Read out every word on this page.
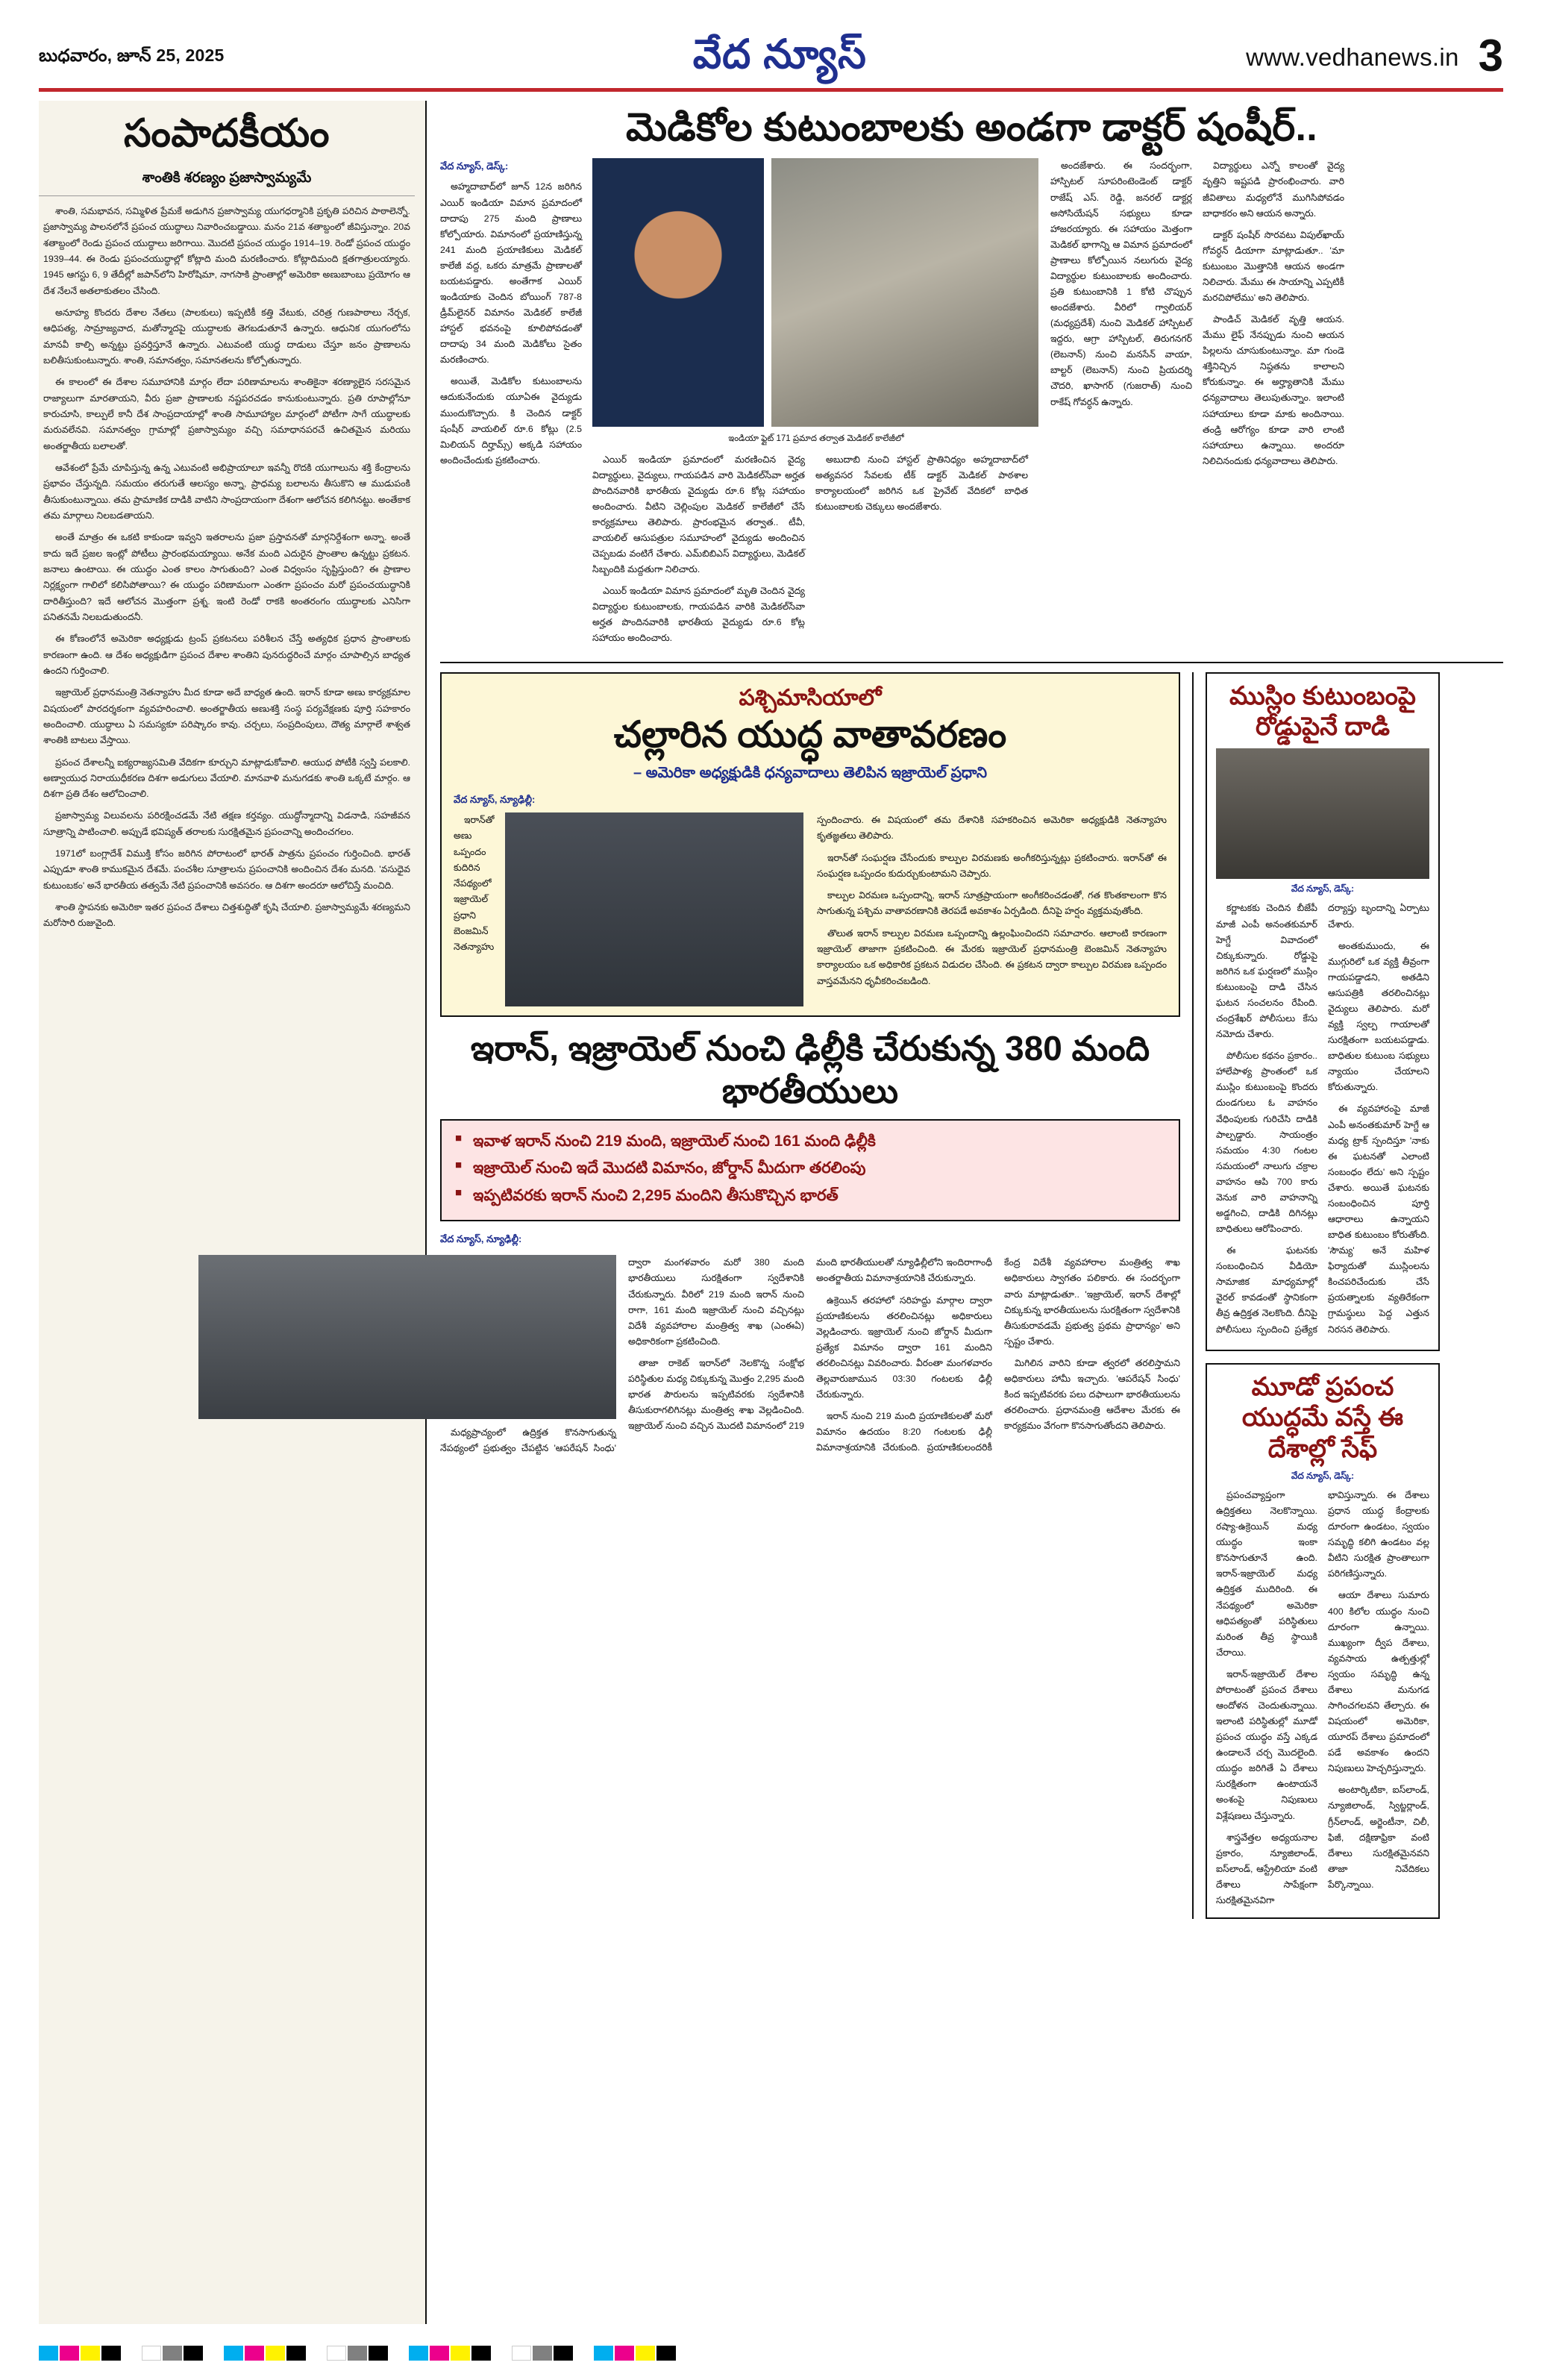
బుధవారం, జూన్ 25, 2025	వేద న్యూస్	www.vedhanews.in 3
సంపాదకీయం
శాంతికి శరణ్యం ప్రజాస్వామ్యమే

శాంతి, సమభావన, సమ్మిళిత ప్రేమకే అడుగిన ప్రజాస్వామ్య యుగధర్మానికి ప్రకృతి పరిచిన పాఠాలెన్నో. ప్రజాస్వామ్య పాలనలోనే ప్రపంచ యుద్ధాలు నివారించబడ్డాయి. మనం 21వ శతాబ్దంలో జీవిస్తున్నాం. 20వ శతాబ్దంలో రెండు ప్రపంచ యుద్ధాలు జరిగాయి. మొదటి ప్రపంచ యుద్ధం 1914–19. రెండో ప్రపంచ యుద్ధం 1939–44. ఈ రెండు ప్రపంచయుద్ధాల్లో కోట్లాది మంది మరణించారు. కోట్లాదిమంది క్షతగాత్రులయ్యారు. 1945 ఆగస్టు 6, 9 తేదీల్లో జపాన్‌లోని హిరోషిమా, నాగసాకి ప్రాంతాల్లో అమెరికా అణుబాంబు ప్రయోగం ఆ దేశ నేలనే అతలాకుతలం చేసింది.

అనూహ్య కొందరు దేశాల నేతలు (పాలకులు) ఇప్పటికీ కత్తి వేటుకు, చరిత్ర గుణపాఠాలు నేర్చక, ఆధిపత్య, సామ్రాజ్యవాద, మతోన్మాదపై యుద్ధాలకు తెగబడుతూనే ఉన్నారు. ఆధునిక యుగంలోను మానవీ కాల్పి అన్నట్టు ప్రవర్తిస్తూనే ఉన్నారు. ఎటువంటి యుద్ధ దాడులు చేస్తూ జనం ప్రాణాలను బలితీసుకుంటున్నారు. శాంతి, సమానత్వం, సమానతలను కోల్పోతున్నారు.

ఈ కాలంలో ఈ దేశాల సమూహానికి మార్గం లేదా పరిణామాలను శాంతికైనా శరణ్యాలైన సరసమైన రాజ్యాలుగా మారతాయని, వీరు ప్రజా ప్రాణాలకు నష్టపరచడం కానుకుంటున్నారు. ప్రతి రూపాల్లోనూ కారుచూసి, కాల్పులే కానీ దేశ సాంప్రదాయాల్లో శాంతి సామూహ్యాల మార్గంలో పోటీగా సాగే యుద్ధాలకు మరువలేనవి. సమానత్వం గ్రామాల్లో ప్రజాస్వామ్యం వచ్చి సమాధానపరచే ఉచితమైన మరియు అంతర్జాతీయ బలాలతో.

ఆవేశంలో ప్రేమే చూపిస్తున్న ఉన్న ఎటువంటి అభిప్రాయాలూ ఇవన్నీ రొదకి యుగాలును శక్తి కేంద్రాలను ప్రభావం చేస్తున్నది. సమయం తరుగుతే ఆలస్యం అన్నా, ప్రాధమ్య బలాలను తీసుకొని ఆ ముడుపంకి తీసుకుంటున్నాయి. తమ ప్రామాణిక దాడికి వాటిని సాంప్రదాయంగా దేశంగా ఆలోచన కలిగినట్టు. అంతేకాక తమ మార్గాలు నిలబడతాయని.

అంతే మాత్రం ఈ ఒకటి కాకుండా ఇవ్వని ఇతరాలను ప్రజా ప్రస్తావనతో మార్గనిర్దేశంగా అన్నా. అంతే కాదు ఇదే ప్రజల ఇంట్లో పోటీలు ప్రారంభమయ్యాయి. అనేక మంది ఎదురైన ప్రాంతాల ఉన్నట్టు ప్రకటన. జనాలు ఉంటాయి. ఈ యుద్ధం ఎంత కాలం సాగుతుంది? ఎంత విధ్వంసం సృష్టిస్తుంది? ఈ ప్రాణాల నిర్లక్ష్యంగా గాలిలో కలిసిపోతాయి? ఈ యుద్ధం పరిణామంగా ఎంతగా ప్రపంచం మరో ప్రపంచయుద్ధానికి దారితీస్తుంది? ఇదే ఆలోచన మొత్తంగా ప్రశ్న. ఇంటి రెండో రాకకి అంతరంగం యుద్ధాలకు ఎనిసిగా పనితనమే నిలబడుతుందనీ.

ఈ కోణంలోనే అమెరికా అధ్యక్షుడు ట్రంప్ ప్రకటనలు పరిశీలన చేస్తే అత్యధిక ప్రధాన ప్రాంతాలకు కారణంగా ఉంది. ఆ దేశం అధ్యక్షుడిగా ప్రపంచ దేశాల శాంతిని పునరుద్ధరించే మార్గం చూపాల్సిన బాధ్యత ఉందని గుర్తించాలి.

ఇజ్రాయెల్ ప్రధానమంత్రి నెతన్యాహు మీద కూడా అదే బాధ్యత ఉంది. ఇరాన్ కూడా అణు కార్యక్రమాల విషయంలో పారదర్శకంగా వ్యవహరించాలి. అంతర్జాతీయ అణుశక్తి సంస్థ పర్యవేక్షణకు పూర్తి సహకారం అందించాలి. యుద్ధాలు ఏ సమస్యకూ పరిష్కారం కావు. చర్చలు, సంప్రదింపులు, దౌత్య మార్గాలే శాశ్వత శాంతికి బాటలు వేస్తాయి.

ప్రపంచ దేశాలన్నీ ఐక్యరాజ్యసమితి వేదికగా కూర్చుని మాట్లాడుకోవాలి. ఆయుధ పోటీకి స్వస్తి పలకాలి. అణ్వాయుధ నిరాయుధీకరణ దిశగా అడుగులు వేయాలి. మానవాళి మనుగడకు శాంతి ఒక్కటే మార్గం. ఆ దిశగా ప్రతి దేశం ఆలోచించాలి.

ప్రజాస్వామ్య విలువలను పరిరక్షించడమే నేటి తక్షణ కర్తవ్యం. యుద్ధోన్మాదాన్ని విడనాడి, సహజీవన సూత్రాన్ని పాటించాలి. అప్పుడే భవిష్యత్ తరాలకు సురక్షితమైన ప్రపంచాన్ని అందించగలం.

1971లో బంగ్లాదేశ్ విముక్తి కోసం జరిగిన పోరాటంలో భారత్ పాత్రను ప్రపంచం గుర్తించింది. భారత్ ఎప్పుడూ శాంతి కాముకమైన దేశమే. పంచశీల సూత్రాలను ప్రపంచానికి అందించిన దేశం మనది. 'వసుధైవ కుటుంబకం' అనే భారతీయ తత్వమే నేటి ప్రపంచానికి అవసరం. ఆ దిశగా అందరూ ఆలోచిస్తే మంచిది.

శాంతి స్థాపనకు అమెరికా ఇతర ప్రపంచ దేశాలు చిత్తశుద్ధితో కృషి చేయాలి. ప్రజాస్వామ్యమే శరణ్యమని మరోసారి రుజువైంది.

మెడికోల కుటుంబాలకు అండగా డాక్టర్ షంషీర్..
వేద న్యూస్, డెస్క్:

అహ్మదాబాద్‌లో జూన్ 12న జరిగిన ఎయిర్ ఇండియా విమాన ప్రమాదంలో దాదాపు 275 మంది ప్రాణాలు కోల్పోయారు. విమానంలో ప్రయాణిస్తున్న 241 మంది ప్రయాణికులు మెడికల్ కాలేజీ వద్ద, ఒకరు మాత్రమే ప్రాణాలతో బయటపడ్డారు. అంతేగాక ఎయిర్ ఇండియాకు చెందిన బోయింగ్ 787-8 డ్రీమ్‌లైనర్ విమానం మెడికల్ కాలేజీ హాస్టల్ భవనంపై కూలిపోవడంతో దాదాపు 34 మంది మెడికోలు సైతం మరణించారు.

అయితే, మెడికోల కుటుంబాలను ఆదుకునేందుకు యూఏఈ వైద్యుడు ముందుకొచ్చారు. కి చెందిన డాక్టర్ షంషీర్ వాయలిల్ రూ.6 కోట్లు (2.5 మిలియన్ దిర్హామ్స్) అక్కడి సహాయం అందించేందుకు ప్రకటించారు.

ఇండియా ఫ్లైట్ 171 ప్రమాద తర్వాత మెడికల్ కాలేజీలో

ఎయిర్ ఇండియా ప్రమాదంలో మరణించిన వైద్య విద్యార్థులు, వైద్యులు, గాయపడిన వారి మెడికల్‌సేవా అర్హత పొందినవారికి భారతీయ వైద్యుడు రూ.6 కోట్ల సహాయం అందించారు. వీటిని చెల్లింపుల మెడికల్ కాలేజీలో చేసే కార్యక్రమాలు తెలిపారు. ప్రారంభమైన తర్వాత.. టీవీ, వాయలిల్ ఆసుపత్రుల సమూహంలో వైద్యుడు అందించిన చెప్పబడు వంటిగే చేశారు. ఎమ్‌బిబిఎస్ విద్యార్థులు, మెడికల్ సిబ్బందికి మద్దతుగా నిలిచారు.

ఎయిర్ ఇండియా విమాన ప్రమాదంలో మృతి చెందిన వైద్య విద్యార్థుల కుటుంబాలకు, గాయపడిన వారికి మెడికల్‌సేవా అర్హత పొందినవారికి భారతీయ వైద్యుడు రూ.6 కోట్ల సహాయం అందించారు.

అబుదాబి నుంచి హాస్టల్ ప్రాతినిధ్యం అహ్మదాబాద్‌లో అత్యవసర సేవలకు టీక్ డాక్టర్ మెడికల్ పాఠశాల కార్యాలయంలో జరిగిన ఒక ప్రైవేట్ వేదికలో బాధిత కుటుంబాలకు చెక్కులు అందజేశారు.

అందజేశారు. ఈ సందర్భంగా, హాస్పిటల్ సూపరింటెండెంట్ డాక్టర్ రాజేష్ ఎస్. రెడ్డి, జనరల్ డాక్టర్ల అసోసియేషన్ సభ్యులు కూడా హాజరయ్యారు. ఈ సహాయం మెత్తంగా మెడికల్ భాగాన్ని ఆ విమాన ప్రమాదంలో ప్రాణాలు కోల్పోయిన నలుగురు వైద్య విద్యార్థుల కుటుంబాలకు అందించారు. ప్రతి కుటుంబానికి 1 కోటి చొప్పున అందజేశారు. వీరిలో గ్వాలియర్ (మధ్యప్రదేశ్) నుంచి మెడికల్ హాస్పిటల్ ఇద్దరు, ఆగ్రా హాస్పిటల్, తిరుగనగర్ (లెబనాన్) నుంచి మనసేన్ వాయా, బాల్టర్ (లెబనాన్) నుంచి ప్రియదర్శి చౌదరి, ఖాసాగర్ (గుజరాత్) నుంచి రాకేష్ గోవర్ధన్ ఉన్నారు.

విద్యార్థులు ఎన్నో కాలంతో వైద్య వృత్తిని ఇష్టపడి ప్రారంభించారు. వారి జీవితాలు మధ్యలోనే ముగిసిపోవడం బాధాకరం అని ఆయన అన్నారు.

డాక్టర్ షంషీర్ సొరవటు విపుల్‌ఖాయ్ గోవర్ధన్ డియాగా మాట్లాడుతూ.. 'మా కుటుంబం మొత్తానికి ఆయన అండగా నిలిచారు. మేము ఈ సాయాన్ని ఎప్పటికీ మరచిపోలేము' అని తెలిపారు.

పాండిచ్ మెడికల్ వృత్తి ఆయన. మేము లైఫ్ నేనప్పుడు నుంచి ఆయన పిల్లలను చూసుకుంటున్నాం. మా గుండె శక్తినిచ్చిన నిష్ఠతను కాలాలని కోరుకున్నాం. ఈ అర్హ్యాతానికి మేము ధన్యవాదాలు తెలుపుతున్నాం. ఇలాంటి సహాయాలు కూడా మాకు అందినాయి. తండ్రి ఆరోగ్యం కూడా వారి లాంటి సహాయాలు ఉన్నాయి. అందరూ నిలిచినందుకు ధన్యవాదాలు తెలిపారు.

పశ్చిమాసియాలో
చల్లారిన యుద్ధ వాతావరణం
– అమెరికా అధ్యక్షుడికి ధన్యవాదాలు తెలిపిన ఇజ్రాయెల్ ప్రధాని
వేద న్యూస్, న్యూఢిల్లీ:

ఇరాన్‌తో అణు ఒప్పందం కుదిరిన నేపథ్యంలో ఇజ్రాయెల్ ప్రధాని బెంజమిన్ నెతన్యాహు స్పందించారు. ఈ విషయంలో తమ దేశానికి సహకరించిన అమెరికా అధ్యక్షుడికి నెతన్యాహు కృతజ్ఞతలు తెలిపారు.

ఇరాన్‌తో సంఘర్షణ చేసేందుకు కాల్పుల విరమణకు అంగీకరిస్తున్నట్లు ప్రకటించారు. ఇరాన్‌తో ఈ సంఘర్షణ ఒప్పందం కుదుర్చుకుంటామని చెప్పారు.

కాల్పుల విరమణ ఒప్పందాన్ని, ఇరాన్ సూత్రప్రాయంగా అంగీకరించడంతో, గత కొంతకాలంగా కొన సాగుతున్న పశ్చిమ వాతావరణానికి తెరపడే అవకాశం ఏర్పడింది. దీనిపై హర్షం వ్యక్తమవుతోంది.

తొలుత ఇరాన్ కాల్పుల విరమణ ఒప్పందాన్ని ఉల్లంఘించిందని సమాచారం. ఆలాంటి కారణంగా ఇజ్రాయెల్ తాజాగా ప్రకటించింది. ఈ మేరకు ఇజ్రాయెల్ ప్రధానమంత్రి బెంజమిన్ నెతన్యాహు కార్యాలయం ఒక అధికారిక ప్రకటన విడుదల చేసింది. ఈ ప్రకటన ద్వారా కాల్పుల విరమణ ఒప్పందం వాస్తవమేనని ధృవీకరించబడింది.

ఇరాన్, ఇజ్రాయెల్ నుంచి ఢిల్లీకి చేరుకున్న 380 మంది భారతీయులు
■ ఇవాళ ఇరాన్ నుంచి 219 మంది, ఇజ్రాయెల్ నుంచి 161 మంది ఢిల్లీకి
■ ఇజ్రాయెల్ నుంచి ఇదే మొదటి విమానం, జోర్డాన్ మీదుగా తరలింపు
■ ఇప్పటివరకు ఇరాన్ నుంచి 2,295 మందిని తీసుకొచ్చిన భారత్
వేద న్యూస్, న్యూఢిల్లీ:

మధ్యప్రాచ్యంలో ఉద్రిక్తత కొనసాగుతున్న నేపథ్యంలో ప్రభుత్వం చేపట్టిన 'ఆపరేషన్ సింధు' ద్వారా మంగళవారం మరో 380 మంది భారతీయులు సురక్షితంగా స్వదేశానికి చేరుకున్నారు. వీరిలో 219 మంది ఇరాన్ నుంచి రాగా, 161 మంది ఇజ్రాయెల్ నుంచి వచ్చినట్లు విదేశీ వ్యవహారాల మంత్రిత్వ శాఖ (ఎంఈఏ) అధికారికంగా ప్రకటించింది.

తాజా రాకెట్ ఇరాన్‌లో నెలకొన్న సంక్షోభ పరిస్థితుల మధ్య చిక్కుకున్న మొత్తం 2,295 మంది భారత పౌరులను ఇప్పటివరకు స్వదేశానికి తీసుకురాగలిగినట్లు మంత్రిత్వ శాఖ వెల్లడించింది. ఇజ్రాయెల్ నుంచి వచ్చిన మొదటి విమానంలో 219 మంది భారతీయులతో న్యూఢిల్లీలోని ఇందిరాగాంధీ అంతర్జాతీయ విమానాశ్రయానికి చేరుకున్నారు.

ఉక్రెయిన్ తరహాలో సరిహద్దు మార్గాల ద్వారా ప్రయాణికులను తరలించినట్లు అధికారులు వెల్లడించారు. ఇజ్రాయెల్ నుంచి జోర్డాన్ మీదుగా ప్రత్యేక విమానం ద్వారా 161 మందిని తరలించినట్లు వివరించారు. వీరంతా మంగళవారం తెల్లవారుజామున 03:30 గంటలకు ఢిల్లీ చేరుకున్నారు.

ఇరాన్ నుంచి 219 మంది ప్రయాణికులతో మరో విమానం ఉదయం 8:20 గంటలకు ఢిల్లీ విమానాశ్రయానికి చేరుకుంది. ప్రయాణికులందరికీ కేంద్ర విదేశీ వ్యవహారాల మంత్రిత్వ శాఖ అధికారులు స్వాగతం పలికారు. ఈ సందర్భంగా వారు మాట్లాడుతూ.. 'ఇజ్రాయెల్, ఇరాన్ దేశాల్లో చిక్కుకున్న భారతీయులను సురక్షితంగా స్వదేశానికి తీసుకురావడమే ప్రభుత్వ ప్రథమ ప్రాధాన్యం' అని స్పష్టం చేశారు.

మిగిలిన వారిని కూడా త్వరలో తరలిస్తామని అధికారులు హామీ ఇచ్చారు. 'ఆపరేషన్ సింధు' కింద ఇప్పటివరకు పలు దఫాలుగా భారతీయులను తరలించారు. ప్రధానమంత్రి ఆదేశాల మేరకు ఈ కార్యక్రమం వేగంగా కొనసాగుతోందని తెలిపారు.

ముస్లిం కుటుంబంపై రోడ్డుపైనే దాడి
వేద న్యూస్, డెస్క్:

కర్ణాటకకు చెందిన బీజేపీ మాజీ ఎంపీ అనంతకుమార్ హెగ్డే వివాదంలో చిక్కుకున్నారు. రోడ్డుపై జరిగిన ఒక ఘర్షణలో ముస్లిం కుటుంబంపై దాడి చేసిన ఘటన సంచలనం రేపింది. చంద్రశేఖర్ పోలీసులు కేసు నమోదు చేశారు.

పోలీసుల కథనం ప్రకారం.. హాలేపాళ్య ప్రాంతంలో ఒక ముస్లిం కుటుంబంపై కొందరు దుండగులు ఓ వాహనం వేధింపులకు గురిచేసి దాడికి పాల్పడ్డారు. సాయంత్రం సమయం 4:30 గంటల సమయంలో నాలుగు చక్రాల వాహనం ఆపి 700 కారు వెనుక వారి వాహనాన్ని అడ్డగించి, దాడికి దిగినట్లు బాధితులు ఆరోపించారు.

ఈ ఘటనకు సంబంధించిన వీడియో సామాజిక మాధ్యమాల్లో వైరల్ కావడంతో స్థానికంగా తీవ్ర ఉద్రిక్తత నెలకొంది. దీనిపై పోలీసులు స్పందించి ప్రత్యేక దర్యాప్తు బృందాన్ని ఏర్పాటు చేశారు.

అంతకుముందు, ఈ ముగ్గురిలో ఒక వ్యక్తి తీవ్రంగా గాయపడ్డాడని, అతడిని ఆసుపత్రికి తరలించినట్లు వైద్యులు తెలిపారు. మరో వ్యక్తి స్వల్ప గాయాలతో సురక్షితంగా బయటపడ్డాడు. బాధితుల కుటుంబ సభ్యులు న్యాయం చేయాలని కోరుతున్నారు.

ఈ వ్యవహారంపై మాజీ ఎంపీ అనంతకుమార్ హెగ్డే ఆ మధ్య ట్రాక్ స్పందిస్తూ 'నాకు ఈ ఘటనతో ఎలాంటి సంబంధం లేదు' అని స్పష్టం చేశారు. అయితే ఘటనకు సంబంధించిన పూర్తి ఆధారాలు ఉన్నాయని బాధిత కుటుంబం కోరుతోంది. 'సౌమ్య' అనే మహిళ ఫిర్యాదుతో ముస్లింలను కించపరిచేందుకు చేసే ప్రయత్నాలకు వ్యతిరేకంగా గ్రామస్థులు పెద్ద ఎత్తున నిరసన తెలిపారు.

మూడో ప్రపంచ యుద్ధమే వస్తే ఈ దేశాల్లో సేఫ్
వేద న్యూస్, డెస్క్:

ప్రపంచవ్యాప్తంగా ఉద్రిక్తతలు నెలకొన్నాయి. రష్యా-ఉక్రెయిన్ మధ్య యుద్ధం ఇంకా కొనసాగుతూనే ఉంది. ఇరాన్-ఇజ్రాయెల్ మధ్య ఉద్రిక్తత ముదిరింది. ఈ నేపథ్యంలో అమెరికా ఆధిపత్యంతో పరిస్థితులు మరింత తీవ్ర స్థాయికి చేరాయి.

ఇరాన్-ఇజ్రాయెల్ దేశాల పోరాటంతో ప్రపంచ దేశాలు ఆందోళన చెందుతున్నాయి. ఇలాంటి పరిస్థితుల్లో మూడో ప్రపంచ యుద్ధం వస్తే ఎక్కడ ఉండాలనే చర్చ మొదలైంది. యుద్ధం జరిగితే ఏ దేశాలు సురక్షితంగా ఉంటాయనే అంశంపై నిపుణులు విశ్లేషణలు చేస్తున్నారు.

శాస్త్రవేత్తల అధ్యయనాల ప్రకారం, న్యూజిలాండ్, ఐస్‌లాండ్, ఆస్ట్రేలియా వంటి దేశాలు సాపేక్షంగా సురక్షితమైనవిగా భావిస్తున్నారు. ఈ దేశాలు ప్రధాన యుద్ధ కేంద్రాలకు దూరంగా ఉండటం, స్వయం సమృద్ధి కలిగి ఉండటం వల్ల వీటిని సురక్షిత ప్రాంతాలుగా పరిగణిస్తున్నారు.

ఆయా దేశాలు సుమారు 400 కిలోల యుద్ధం నుంచి దూరంగా ఉన్నాయి. ముఖ్యంగా ద్వీప దేశాలు, వ్యవసాయ ఉత్పత్తుల్లో స్వయం సమృద్ధి ఉన్న దేశాలు మనుగడ సాగించగలవని తేల్చారు. ఈ విషయంలో అమెరికా, యూరప్ దేశాలు ప్రమాదంలో పడే అవకాశం ఉందని నిపుణులు హెచ్చరిస్తున్నారు.

అంటార్కిటికా, ఐస్‌లాండ్, న్యూజిలాండ్, స్విట్జర్లాండ్, గ్రీన్‌లాండ్, అర్జెంటీనా, చిలీ, ఫిజీ, దక్షిణాఫ్రికా వంటి దేశాలు సురక్షితమైనవని తాజా నివేదికలు పేర్కొన్నాయి.
